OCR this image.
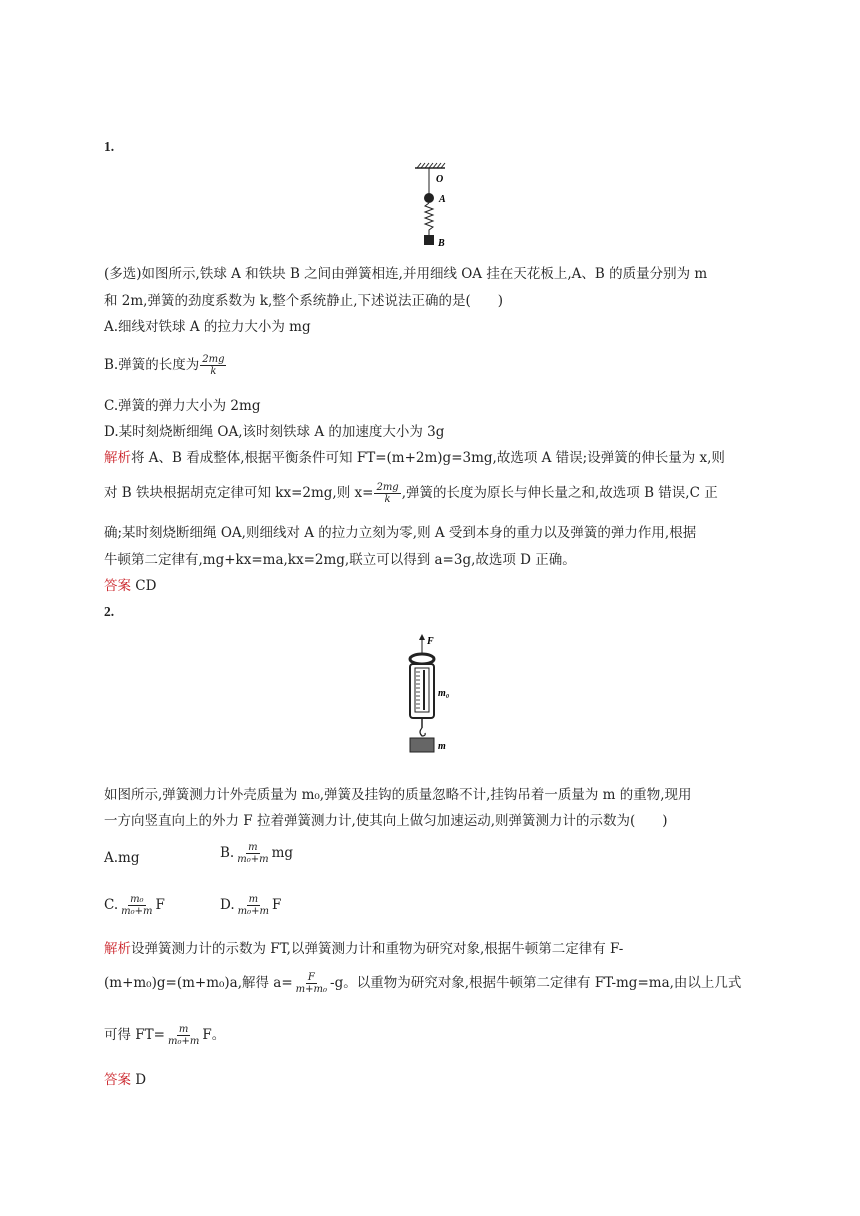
1.
O
A
B
(多选)如图所示,铁球 A 和铁块 B 之间由弹簧相连,并用细线 OA 挂在天花板上,A、B 的质量分别为 m
和 2m,弹簧的劲度系数为 k,整个系统静止,下述说法正确的是(　　)
A.细线对铁球 A 的拉力大小为 mg
B.弹簧的长度为 $\frac{2mg}{k}$
C.弹簧的弹力大小为 2mg
D.某时刻烧断细绳 OA,该时刻铁球 A 的加速度大小为 3g
解析将 A、B 看成整体,根据平衡条件可知 FT=(m+2m)g=3mg,故选项 A 错误;设弹簧的伸长量为 x,则
对 B 铁块根据胡克定律可知 kx=2mg,则 $x= \frac{2mg}{k}$ ,弹簧的长度为原长与伸长量之和,故选项 B 错误,C 正
确;某时刻烧断细绳 OA,则细线对 A 的拉力立刻为零,则 A 受到本身的重力以及弹簧的弹力作用,根据
牛顿第二定律有,mg+kx=ma,kx=2mg,联立可以得到 a=3g,故选项 D 正确。
答案 CD
2.
F
m₀
m
如图所示,弹簧测力计外壳质量为 m₀,弹簧及挂钩的质量忽略不计,挂钩吊着一质量为 m 的重物,现用
一方向竖直向上的外力 F 拉着弹簧测力计,使其向上做匀加速运动,则弹簧测力计的示数为(　　)
A.mg	B. $\frac{m}{\text{m₀+m}}$ mg
C. $\frac{\text{m₀}}{\text{m₀+m}}$ F	D. $\frac{m}{\text{m₀+m}}$ F
解析设弹簧测力计的示数为 FT,以弹簧测力计和重物为研究对象,根据牛顿第二定律有 F-
(m+m₀)g=(m+m₀)a,解得 $a= \frac{F}{\text{m+m₀}} -g$。以重物为研究对象,根据牛顿第二定律有 FT-mg=ma,由以上几式
可得 $FT= \frac{m}{\text{m₀+m}}$ F。
答案 D
